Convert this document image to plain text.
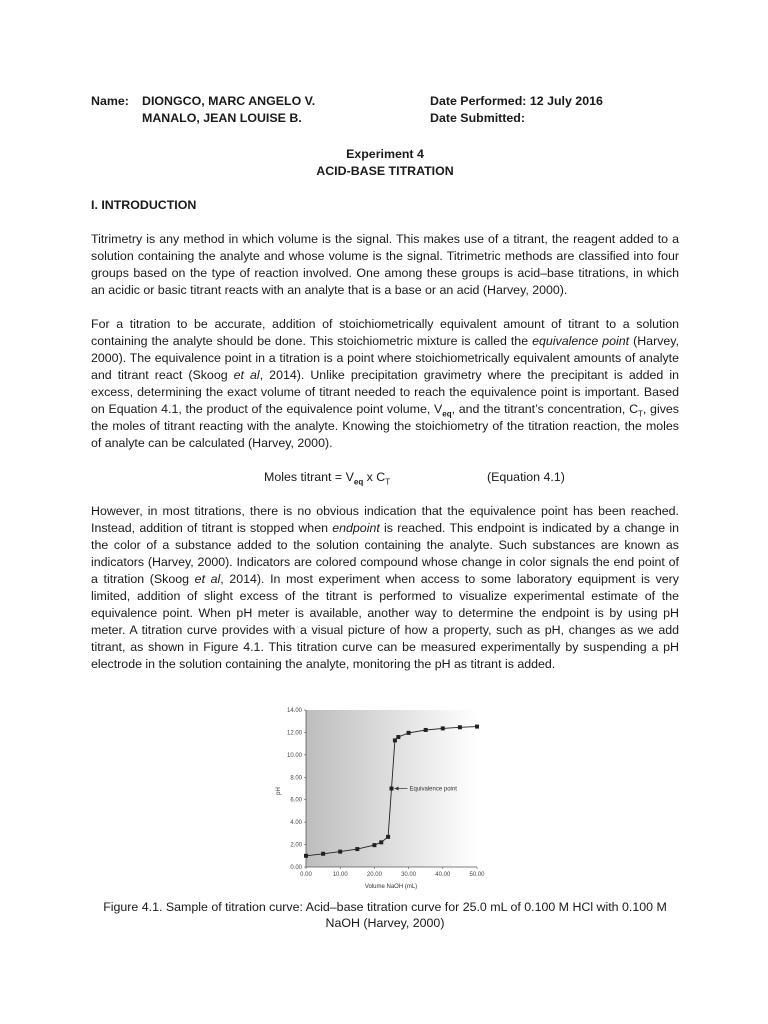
Name: DIONGCO, MARC ANGELO V.
MANALO, JEAN LOUISE B.
Date Performed: 12 July 2016
Date Submitted:
Experiment 4
ACID-BASE TITRATION
I. INTRODUCTION

Titrimetry is any method in which volume is the signal. This makes use of a titrant, the reagent added to a solution containing the analyte and whose volume is the signal. Titrimetric methods are classified into four groups based on the type of reaction involved. One among these groups is acid–base titrations, in which an acidic or basic titrant reacts with an analyte that is a base or an acid (Harvey, 2000).

For a titration to be accurate, addition of stoichiometrically equivalent amount of titrant to a solution containing the analyte should be done. This stoichiometric mixture is called the equivalence point (Harvey, 2000). The equivalence point in a titration is a point where stoichiometrically equivalent amounts of analyte and titrant react (Skoog et al, 2014). Unlike precipitation gravimetry where the precipitant is added in excess, determining the exact volume of titrant needed to reach the equivalence point is important. Based on Equation 4.1, the product of the equivalence point volume, $V_{eq}$, and the titrant’s concentration, $C_T$, gives the moles of titrant reacting with the analyte. Knowing the stoichiometry of the titration reaction, the moles of analyte can be calculated (Harvey, 2000).

Moles titrant = $V_{eq}$ x $C_T$	(Equation 4.1)

However, in most titrations, there is no obvious indication that the equivalence point has been reached. Instead, addition of titrant is stopped when endpoint is reached. This endpoint is indicated by a change in the color of a substance added to the solution containing the analyte. Such substances are known as indicators (Harvey, 2000). Indicators are colored compound whose change in color signals the end point of a titration (Skoog et al, 2014). In most experiment when access to some laboratory equipment is very limited, addition of slight excess of the titrant is performed to visualize experimental estimate of the equivalence point. When pH meter is available, another way to determine the endpoint is by using pH meter. A titration curve provides with a visual picture of how a property, such as pH, changes as we add titrant, as shown in Figure 4.1. This titration curve can be measured experimentally by suspending a pH electrode in the solution containing the analyte, monitoring the pH as titrant is added.

0.00
2.00
4.00
6.00
8.00
10.00
12.00
14.00
0.00	10.00	20.00	30.00	40.00	50.00
Equivalence point
Volume NaOH (mL)
pH
Figure 4.1. Sample of titration curve: Acid–base titration curve for 25.0 mL of 0.100 M HCl with 0.100 M
NaOH (Harvey, 2000)
